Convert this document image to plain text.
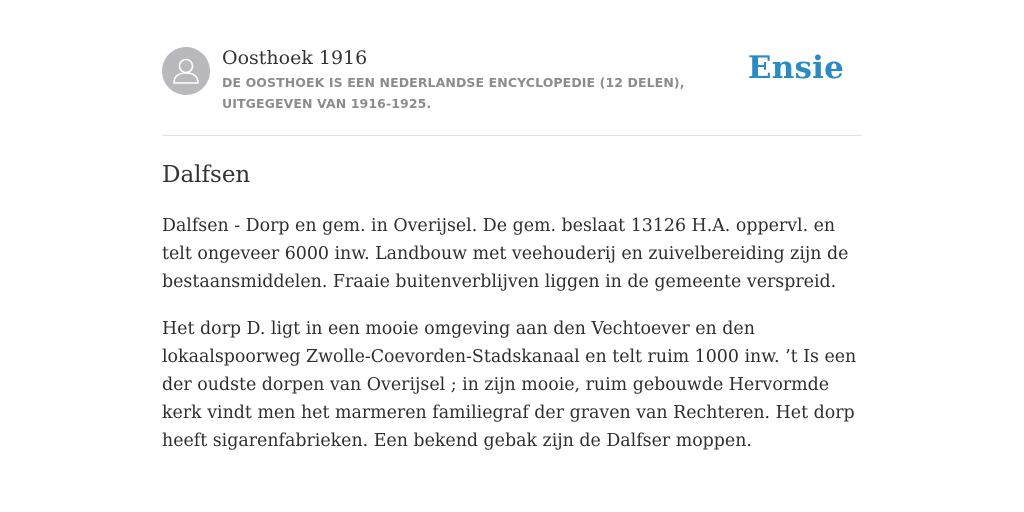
Oosthoek 1916

DE OOSTHOEK IS EEN NEDERLANDSE ENCYCLOPEDIE (12 DELEN), UITGEGEVEN VAN 1916-1925.

Ensie
Dalfsen

Dalfsen - Dorp en gem. in Overijsel. De gem. beslaat 13126 H.A. oppervl. en telt ongeveer 6000 inw. Landbouw met veehouderij en zuivelbereiding zijn de bestaansmiddelen. Fraaie buitenverblijven liggen in de gemeente verspreid.

Het dorp D. ligt in een mooie omgeving aan den Vechtoever en den lokaalspoorweg Zwolle-Coevorden-Stadskanaal en telt ruim 1000 inw. ’t Is een der oudste dorpen van Overijsel ; in zijn mooie, ruim gebouwde Hervormde kerk vindt men het marmeren familiegraf der graven van Rechteren. Het dorp heeft sigarenfabrieken. Een bekend gebak zijn de Dalfser moppen.
